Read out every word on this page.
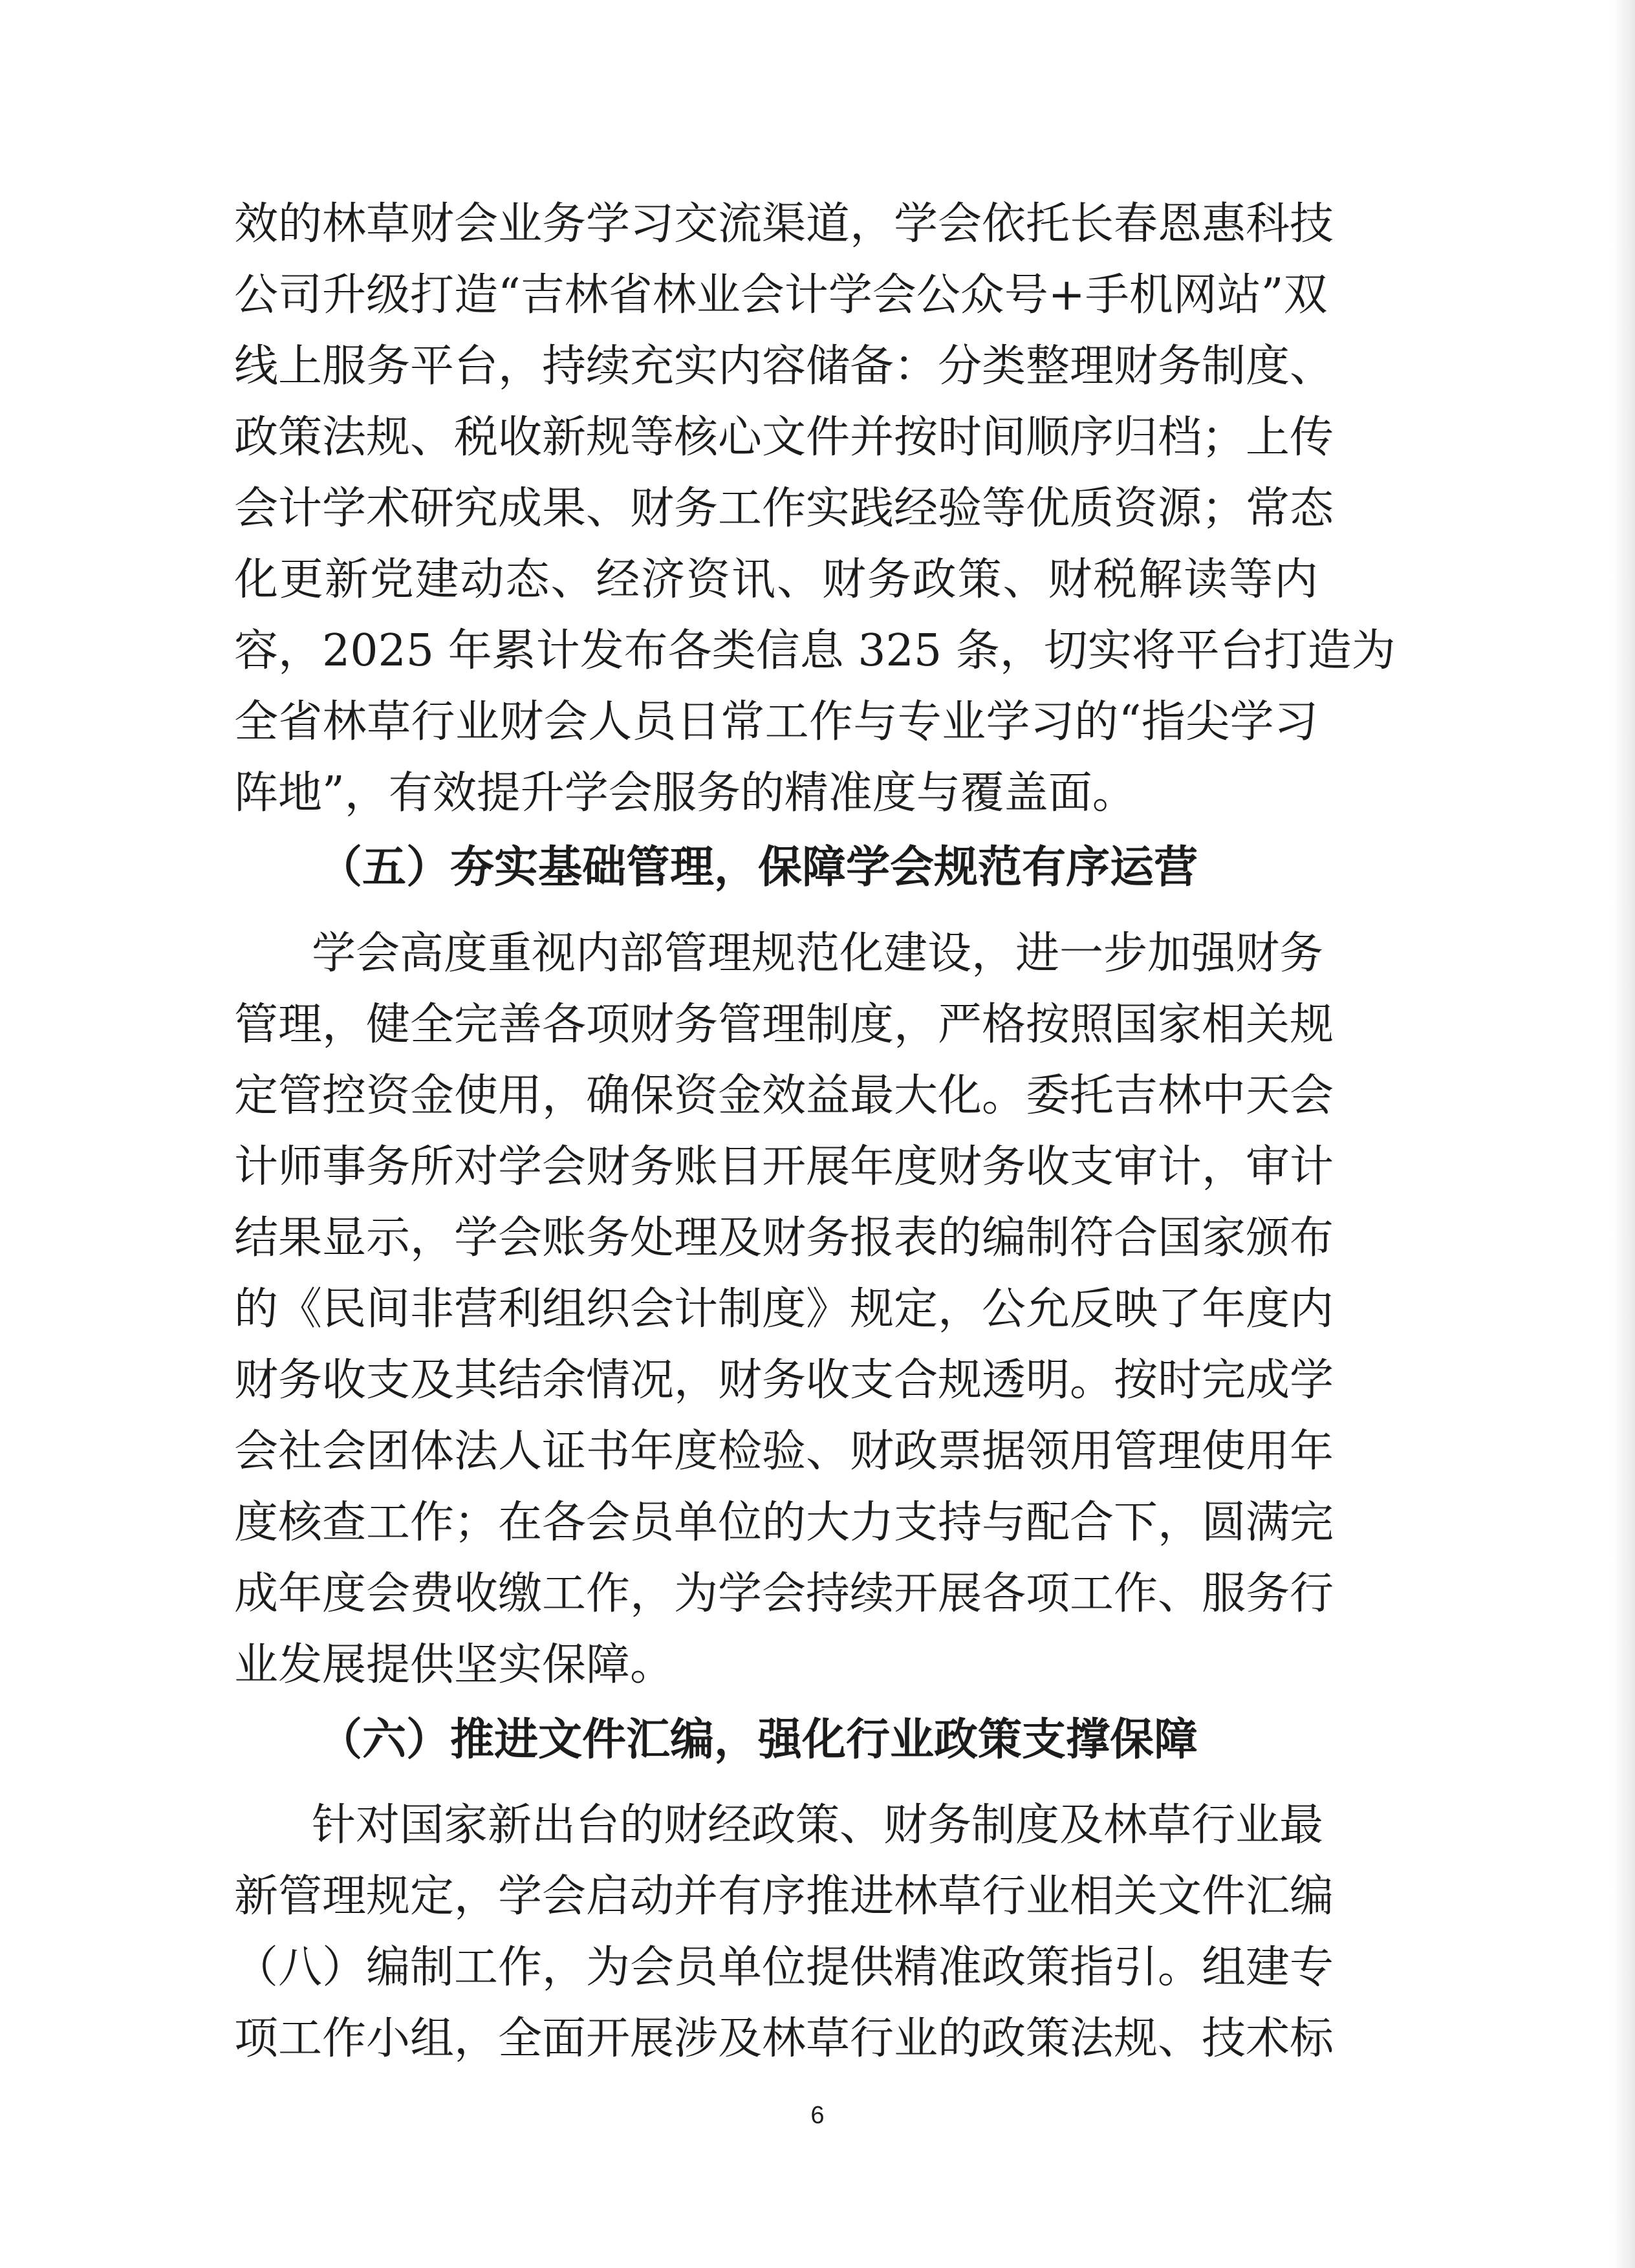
效的林草财会业务学习交流渠道，学会依托长春恩惠科技
公司升级打造“吉林省林业会计学会公众号+手机网站”双
线上服务平台，持续充实内容储备：分类整理财务制度、
政策法规、税收新规等核心文件并按时间顺序归档；上传
会计学术研究成果、财务工作实践经验等优质资源；常态
化更新党建动态、经济资讯、财务政策、财税解读等内
容，2025 年累计发布各类信息 325 条，切实将平台打造为
全省林草行业财会人员日常工作与专业学习的“指尖学习
阵地”，有效提升学会服务的精准度与覆盖面。
（五）夯实基础管理，保障学会规范有序运营
学会高度重视内部管理规范化建设，进一步加强财务
管理，健全完善各项财务管理制度，严格按照国家相关规
定管控资金使用，确保资金效益最大化。委托吉林中天会
计师事务所对学会财务账目开展年度财务收支审计，审计
结果显示，学会账务处理及财务报表的编制符合国家颁布
的《民间非营利组织会计制度》规定，公允反映了年度内
财务收支及其结余情况，财务收支合规透明。按时完成学
会社会团体法人证书年度检验、财政票据领用管理使用年
度核查工作；在各会员单位的大力支持与配合下，圆满完
成年度会费收缴工作，为学会持续开展各项工作、服务行
业发展提供坚实保障。
（六）推进文件汇编，强化行业政策支撑保障
针对国家新出台的财经政策、财务制度及林草行业最
新管理规定，学会启动并有序推进林草行业相关文件汇编
（八）编制工作，为会员单位提供精准政策指引。组建专
项工作小组，全面开展涉及林草行业的政策法规、技术标
6
